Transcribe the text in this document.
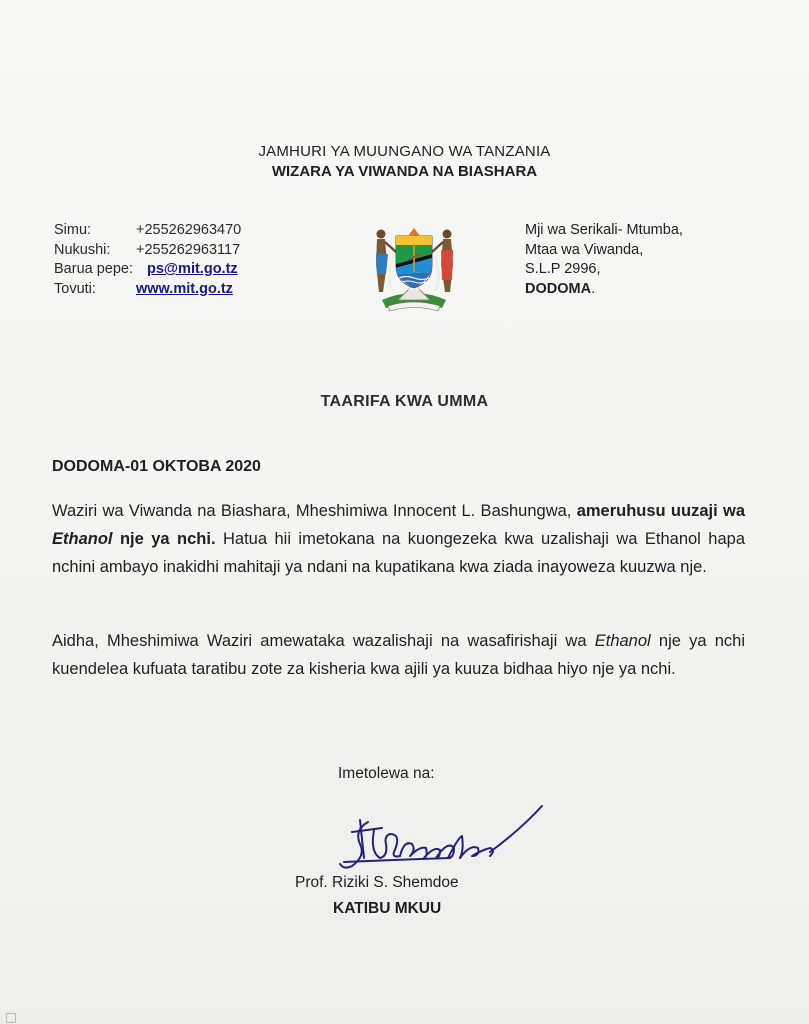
JAMHURI YA MUUNGANO WA TANZANIA
WIZARA YA VIWANDA NA BIASHARA
Simu:	+255262963470
Nukushi: +255262963117
Barua pepe: ps@mit.go.tz
Tovuti:	www.mit.go.tz
Mji wa Serikali- Mtumba,
Mtaa wa Viwanda,
S.L.P 2996,
DODOMA.
TAARIFA KWA UMMA
DODOMA-01 OKTOBA 2020
Waziri wa Viwanda na Biashara, Mheshimiwa Innocent L. Bashungwa, ameruhusu uuzaji wa Ethanol nje ya nchi. Hatua hii imetokana na kuongezeka kwa uzalishaji wa Ethanol hapa nchini ambayo inakidhi mahitaji ya ndani na kupatikana kwa ziada inayoweza kuuzwa nje.
Aidha, Mheshimiwa Waziri amewataka wazalishaji na wasafirishaji wa Ethanol nje ya nchi kuendelea kufuata taratibu zote za kisheria kwa ajili ya kuuza bidhaa hiyo nje ya nchi.
Imetolewa na:
Prof. Riziki S. Shemdoe
KATIBU MKUU
